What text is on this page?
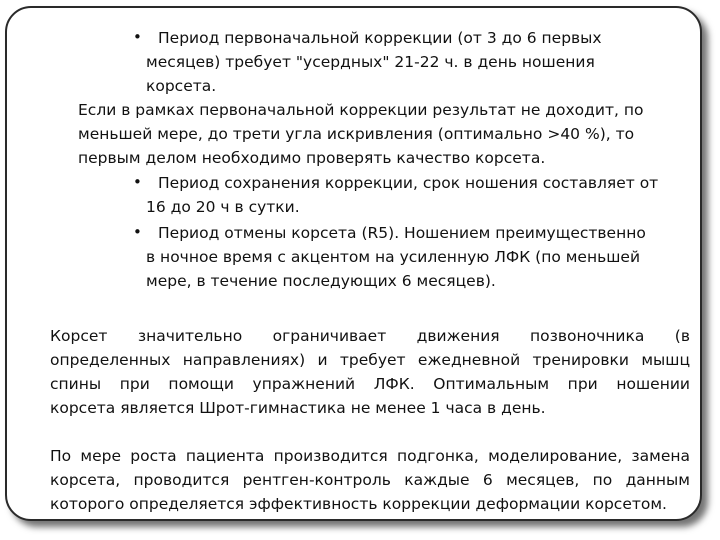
• Период первоначальной коррекции (от 3 до 6 первых
месяцев) требует "усердных" 21-22 ч. в день ношения
корсета.
Если в рамках первоначальной коррекции результат не доходит, по
меньшей мере, до трети угла искривления (оптимально >40 %), то
первым делом необходимо проверять качество корсета.
• Период сохранения коррекции, срок ношения составляет от
16 до 20 ч в сутки.
• Период отмены корсета (R5). Ношением преимущественно
в ночное время с акцентом на усиленную ЛФК (по меньшей
мере, в течение последующих 6 месяцев).
Корсет значительно ограничивает движения позвоночника (в
определенных направлениях) и требует ежедневной тренировки мышц
спины при помощи упражнений ЛФК. Оптимальным при ношении
корсета является Шрот-гимнастика не менее 1 часа в день.
По мере роста пациента производится подгонка, моделирование, замена
корсета, проводится рентген-контроль каждые 6 месяцев, по данным
которого определяется эффективность коррекции деформации корсетом.
